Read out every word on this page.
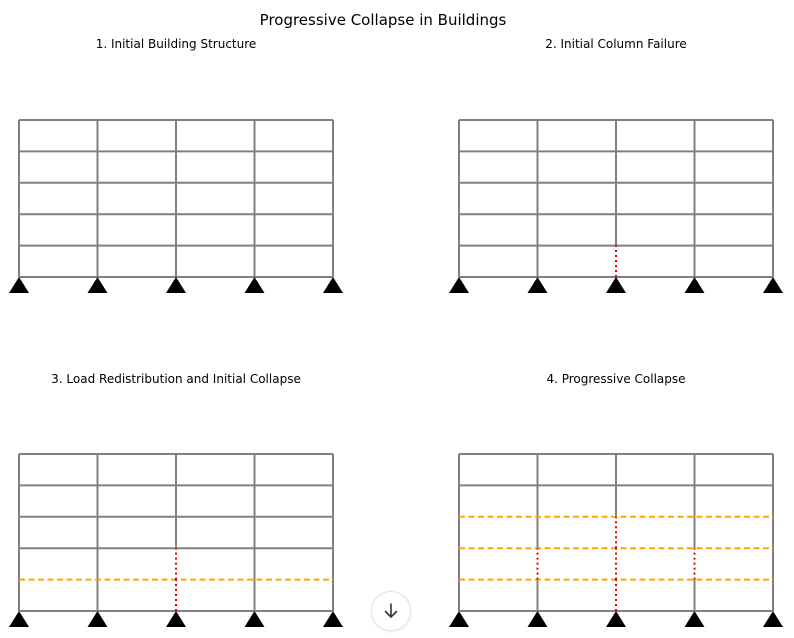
Progressive Collapse in Buildings
1. Initial Building Structure	2. Initial Column Failure
3. Load Redistribution and Initial Collapse	4. Progressive Collapse
